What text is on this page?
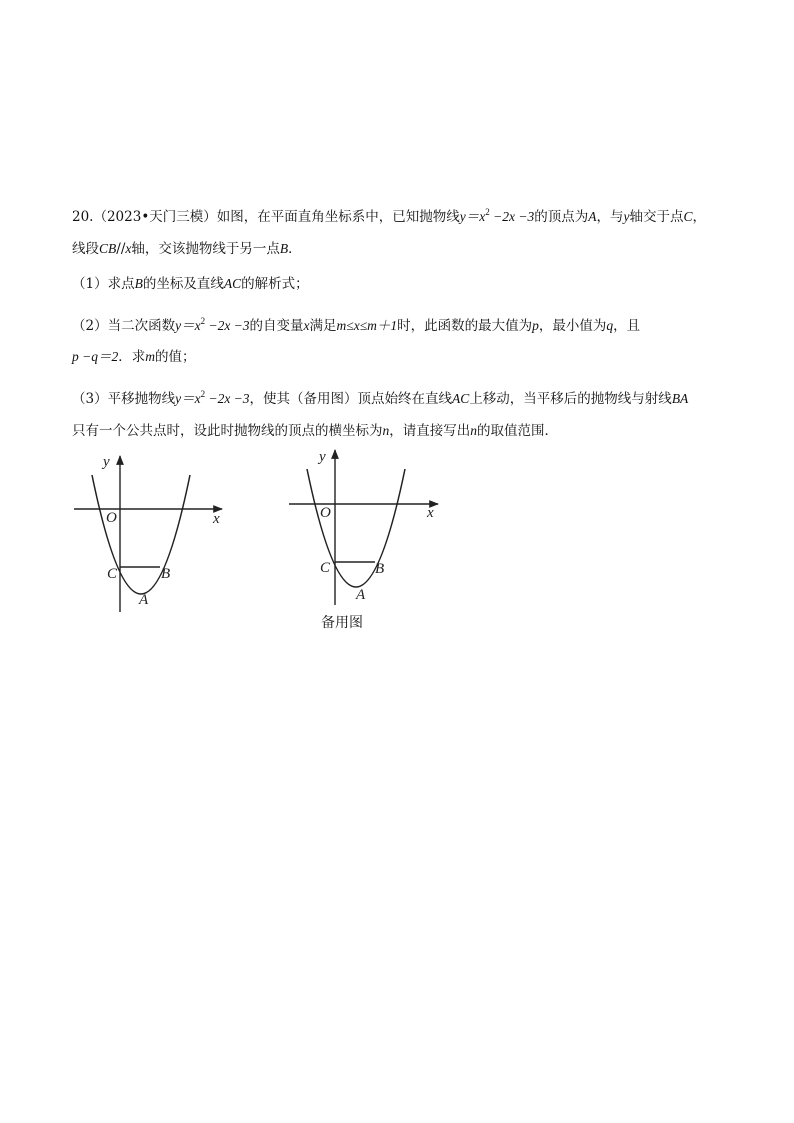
20.（2023•天门三模）如图，在平面直角坐标系中，已知抛物线$y=x^2 -2x -3$的顶点为A，与y轴交于点C，
线段CB//x轴，交该抛物线于另一点B．
（1）求点B的坐标及直线AC的解析式；
（2）当二次函数$y=x^2 -2x -3$的自变量x满足m≤x≤m＋1时，此函数的最大值为p，最小值为q，且
p −q＝2．求m的值；
（3）平移抛物线$y=x^2 -2x -3$，使其（备用图）顶点始终在直线AC上移动，当平移后的抛物线与射线BA
只有一个公共点时，设此时抛物线的顶点的横坐标为n，请直接写出n的取值范围．
y
x
O
C	B
A
y
x
O
C	B
A
备用图
